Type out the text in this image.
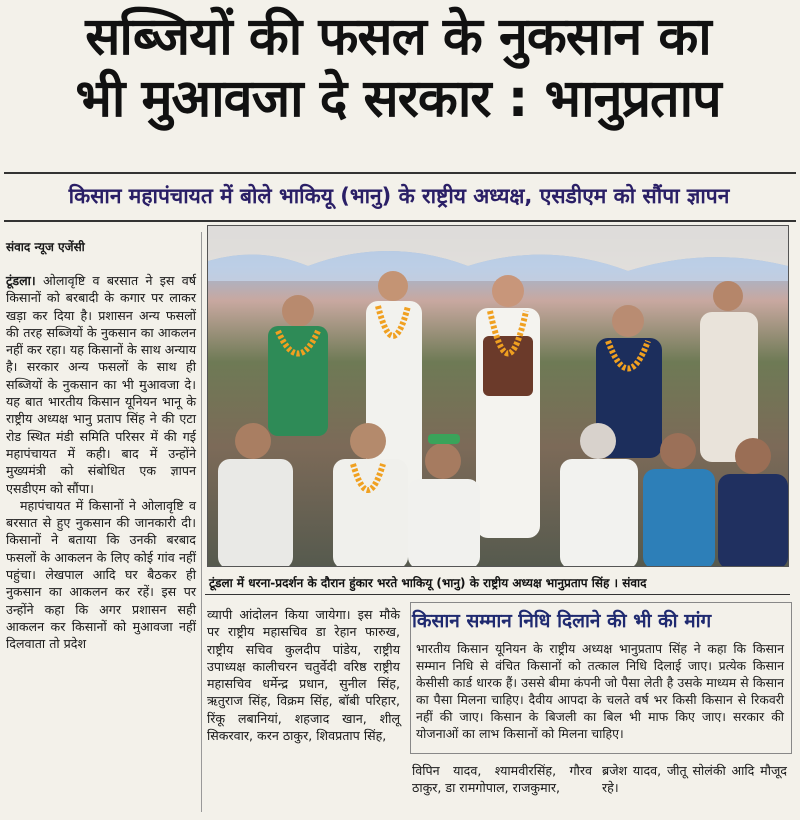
सब्जियों की फसल के नुकसान का
भी मुआवजा दे सरकार : भानुप्रताप
किसान महापंचायत में बोले भाकियू (भानु) के राष्ट्रीय अध्यक्ष, एसडीएम को सौंपा ज्ञापन
संवाद न्यूज एजेंसी

टूंडला। ओलावृष्टि व बरसात ने इस वर्ष किसानों को बरबादी के कगार पर लाकर खड़ा कर दिया है। प्रशासन अन्य फसलों की तरह सब्जियों के नुकसान का आकलन नहीं कर रहा। यह किसानों के साथ अन्याय है। सरकार अन्य फसलों के साथ ही सब्जियों के नुकसान का भी मुआवजा दे। यह बात भारतीय किसान यूनियन भानू के राष्ट्रीय अध्यक्ष भानु प्रताप सिंह ने की एटा रोड स्थित मंडी समिति परिसर में की गई महापंचायत में कही। बाद में उन्होंने मुख्यमंत्री को संबोधित एक ज्ञापन एसडीएम को सौंपा।

महापंचायत में किसानों ने ओलावृष्टि व बरसात से हुए नुकसान की जानकारी दी। किसानों ने बताया कि उनकी बरबाद फसलों के आकलन के लिए कोई गांव नहीं पहुंचा। लेखपाल आदि घर बैठकर ही नुकसान का आकलन कर रहें। इस पर उन्होंने कहा कि अगर प्रशासन सही आकलन कर किसानों को मुआवजा नहीं दिलवाता तो प्रदेश

टूंडला में धरना-प्रदर्शन के दौरान हुंकार भरते भाकियू (भानु) के राष्ट्रीय अध्यक्ष भानुप्रताप सिंह । संवाद
व्यापी आंदोलन किया जायेगा। इस मौके पर राष्ट्रीय महासचिव डा रेहान फारुख, राष्ट्रीय सचिव कुलदीप पांडेय, राष्ट्रीय उपाध्यक्ष कालीचरन चतुर्वेदी वरिष्ठ राष्ट्रीय महासचिव धर्मेन्द्र प्रधान, सुनील सिंह, ऋतुराज सिंह, विक्रम सिंह, बॉबी परिहार, रिंकू लबानियां, शहजाद खान, शीलू सिकरवार, करन ठाकुर, शिवप्रताप सिंह,
किसान सम्मान निधि दिलाने की भी की मांग
भारतीय किसान यूनियन के राष्ट्रीय अध्यक्ष भानुप्रताप सिंह ने कहा कि किसान सम्मान निधि से वंचित किसानों को तत्काल निधि दिलाई जाए। प्रत्येक किसान केसीसी कार्ड धारक हैं। उससे बीमा कंपनी जो पैसा लेती है उसके माध्यम से किसान का पैसा मिलना चाहिए। दैवीय आपदा के चलते वर्ष भर किसी किसान से रिकवरी नहीं की जाए। किसान के बिजली का बिल भी माफ किए जाए। सरकार की योजनाओं का लाभ किसानों को मिलना चाहिए।
विपिन यादव, श्यामवीरसिंह, गौरव ठाकुर, डा रामगोपाल, राजकुमार,
ब्रजेश यादव, जीतू सोलंकी आदि मौजूद रहे।
